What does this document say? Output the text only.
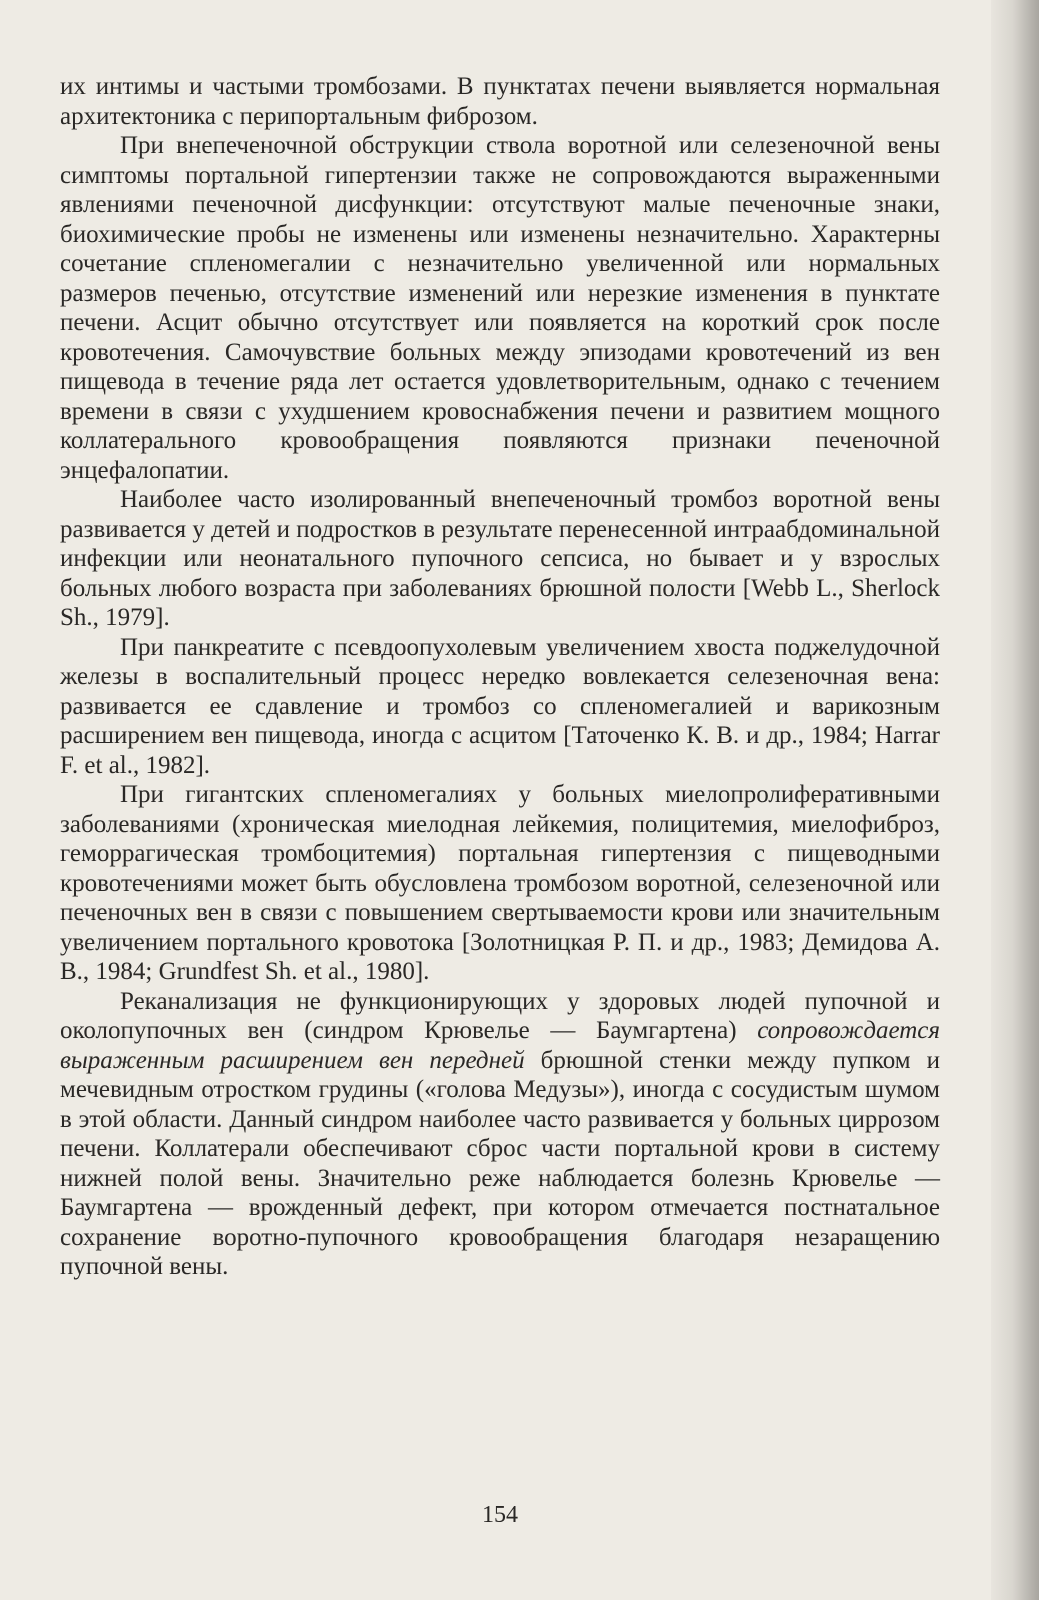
их интимы и частыми тромбозами. В пунктатах печени выявляется нормальная архитектоника с перипортальным фиброзом.

При внепеченочной обструкции ствола воротной или селезеночной вены симптомы портальной гипертензии также не сопровождаются выраженными явлениями печеночной дисфункции: отсутствуют малые печеночные знаки, биохимические пробы не изменены или изменены незначительно. Характерны сочетание спленомегалии с незначительно увеличенной или нормальных размеров печенью, отсутствие изменений или нерезкие изменения в пунктате печени. Асцит обычно отсутствует или появляется на короткий срок после кровотечения. Самочувствие больных между эпизодами кровотечений из вен пищевода в течение ряда лет остается удовлетворительным, однако с течением времени в связи с ухудшением кровоснабжения печени и развитием мощного коллатерального кровообращения появляются признаки печеночной энцефалопатии.

Наиболее часто изолированный внепеченочный тромбоз воротной вены развивается у детей и подростков в результате перенесенной интраабдоминальной инфекции или неонатального пупочного сепсиса, но бывает и у взрослых больных любого возраста при заболеваниях брюшной полости [Webb L., Sherlock Sh., 1979].

При панкреатите с псевдоопухолевым увеличением хвоста поджелудочной железы в воспалительный процесс нередко вовлекается селезеночная вена: развивается ее сдавление и тромбоз со спленомегалией и варикозным расширением вен пищевода, иногда с асцитом [Таточенко К. В. и др., 1984; Harrar F. et al., 1982].

При гигантских спленомегалиях у больных миелопролиферативными заболеваниями (хроническая миелодная лейкемия, полицитемия, миелофиброз, геморрагическая тромбоцитемия) портальная гипертензия с пищеводными кровотечениями может быть обусловлена тромбозом воротной, селезеночной или печеночных вен в связи с повышением свертываемости крови или значительным увеличением портального кровотока [Золотницкая Р. П. и др., 1983; Демидова А. В., 1984; Grundfest Sh. et al., 1980].

Реканализация не функционирующих у здоровых людей пупочной и околопупочных вен (синдром Крювелье — Баумгартена) сопровождается выраженным расширением вен передней брюшной стенки между пупком и мечевидным отростком грудины («голова Медузы»), иногда с сосудистым шумом в этой области. Данный синдром наиболее часто развивается у больных циррозом печени. Коллатерали обеспечивают сброс части портальной крови в систему нижней полой вены. Значительно реже наблюдается болезнь Крювелье — Баумгартена — врожденный дефект, при котором отмечается постнатальное сохранение воротно-пупочного кровообращения благодаря незаращению пупочной вены.

154
